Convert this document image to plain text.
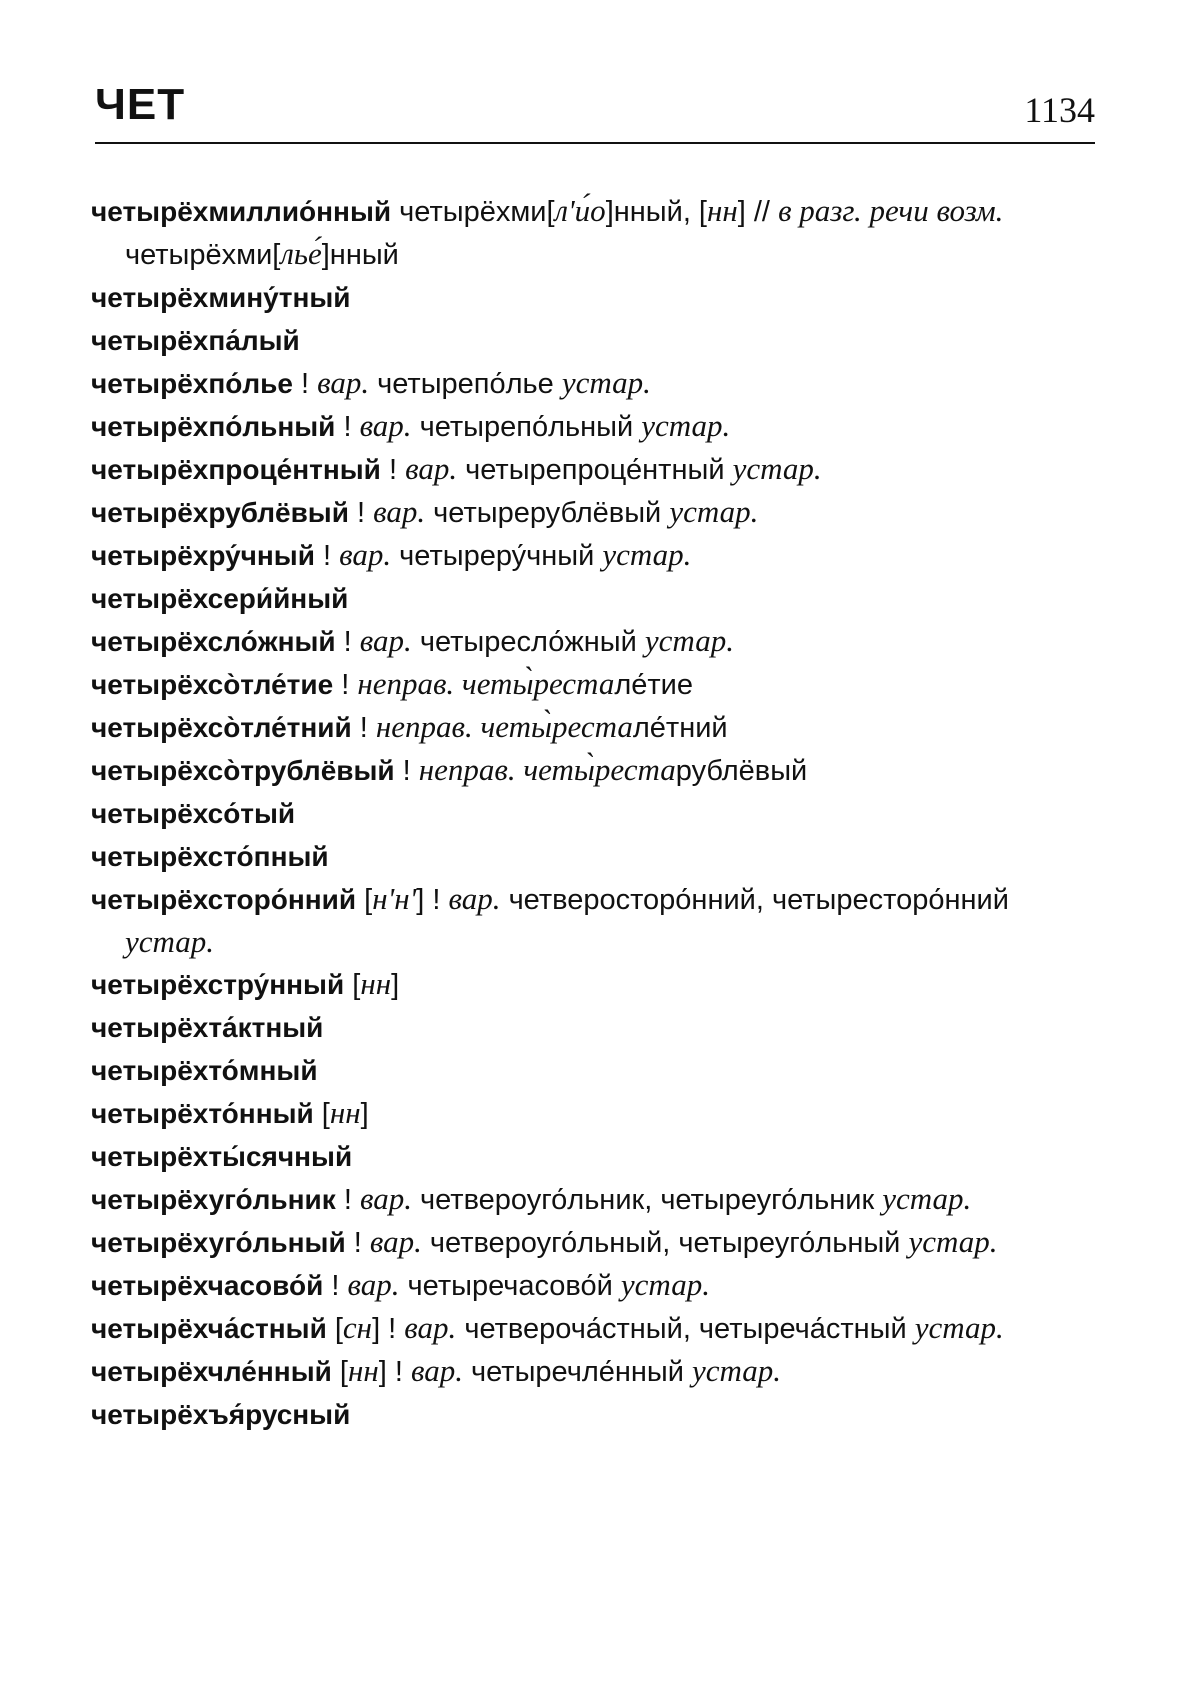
ЧЕТ	1134
четырёхмиллио́нный четырёхми[л'и́о]нный, [нн] // в разг. речи возм. четырёхми[лье́]нный
четырёхмину́тный
четырёхпа́лый
четырёхпо́лье ! вар. четырепо́лье устар.
четырёхпо́льный ! вар. четырепо́льный устар.
четырёхпроце́нтный ! вар. четырепроце́нтный устар.
четырёхрублёвый ! вар. четырерублёвый устар.
четырёхру́чный ! вар. четырeру́чный устар.
четырёхсери́йный
четырёхсло́жный ! вар. четыресло́жный устар.
четырёхсо̀тле́тие ! неправ. четы̀рестале́тие
четырёхсо̀тле́тний ! неправ. четы̀рестале́тний
четырёхсо̀трублёвый ! неправ. четы̀рестарублёвый
четырёхсо́тый
четырёхсто́пный
четырёхсторо́нний [н'н'] ! вар. четверосторо́нний, четыресторо́нний устар.
четырёхстру́нный [нн]
четырёхта́ктный
четырёхто́мный
четырёхто́нный [нн]
четырёхты́сячный
четырёхуго́льник ! вар. четвероуго́льник, четыреуго́льник устар.
четырёхуго́льный ! вар. четвероуго́льный, четыреуго́льный устар.
четырёхчасово́й ! вар. четыречасово́й устар.
четырёхча́стный [сн] ! вар. четвероча́стный, четыреча́стный устар.
четырёхчле́нный [нн] ! вар. четыречле́нный устар.
четырёхъя́русный
